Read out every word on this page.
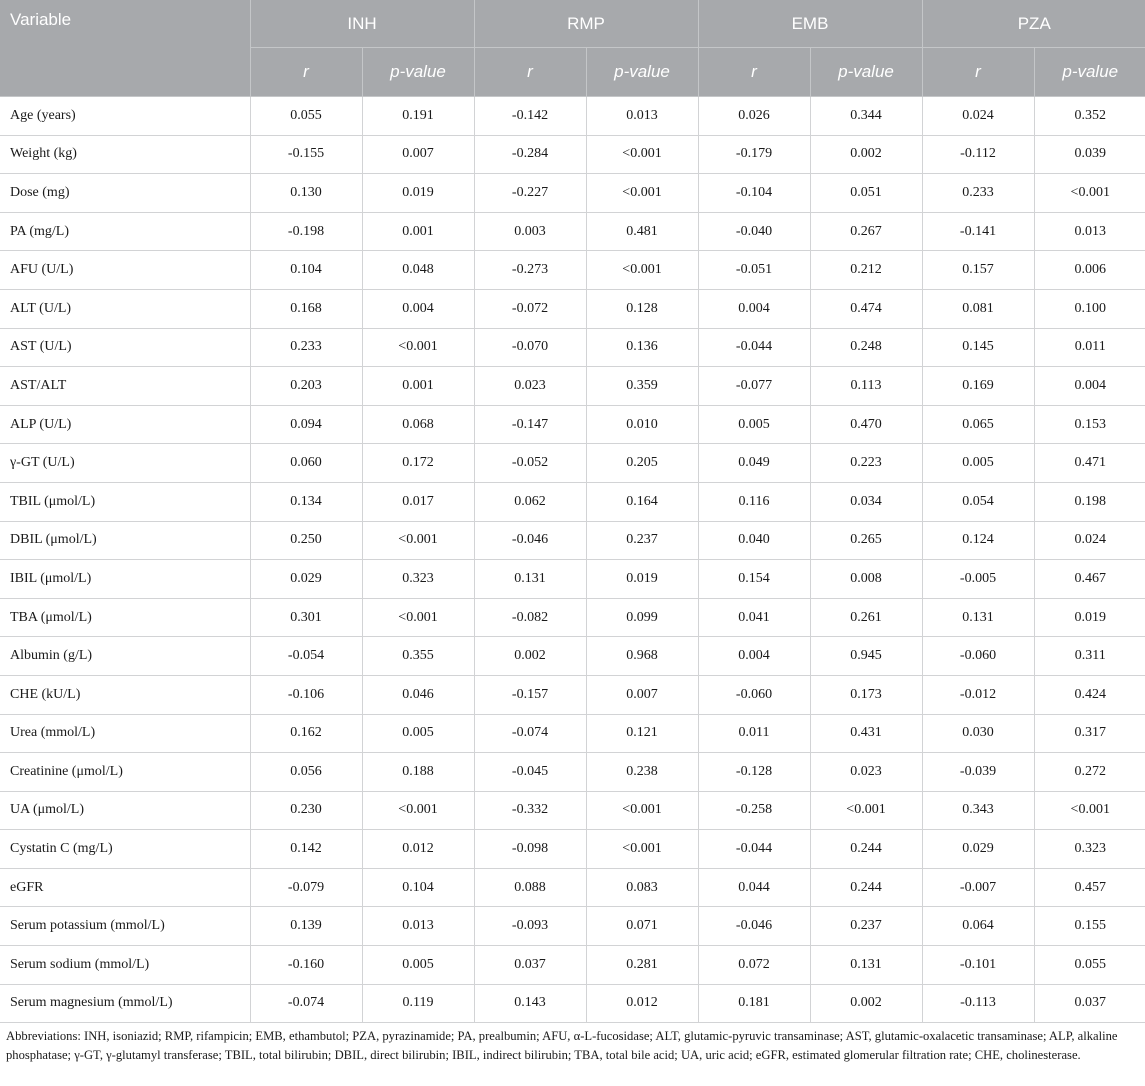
Variable	INH		RMP		EMB		PZA	
	r	p-value	r	p-value	r	p-value	r	p-value
Age (years)	0.055	0.191	-0.142	0.013	0.026	0.344	0.024	0.352
Weight (kg)	-0.155	0.007	-0.284	<0.001	-0.179	0.002	-0.112	0.039
Dose (mg)	0.130	0.019	-0.227	<0.001	-0.104	0.051	0.233	<0.001
PA (mg/L)	-0.198	0.001	0.003	0.481	-0.040	0.267	-0.141	0.013
AFU (U/L)	0.104	0.048	-0.273	<0.001	-0.051	0.212	0.157	0.006
ALT (U/L)	0.168	0.004	-0.072	0.128	0.004	0.474	0.081	0.100
AST (U/L)	0.233	<0.001	-0.070	0.136	-0.044	0.248	0.145	0.011
AST/ALT	0.203	0.001	0.023	0.359	-0.077	0.113	0.169	0.004
ALP (U/L)	0.094	0.068	-0.147	0.010	0.005	0.470	0.065	0.153
γ-GT (U/L)	0.060	0.172	-0.052	0.205	0.049	0.223	0.005	0.471
TBIL (μmol/L)	0.134	0.017	0.062	0.164	0.116	0.034	0.054	0.198
DBIL (μmol/L)	0.250	<0.001	-0.046	0.237	0.040	0.265	0.124	0.024
IBIL (μmol/L)	0.029	0.323	0.131	0.019	0.154	0.008	-0.005	0.467
TBA (μmol/L)	0.301	<0.001	-0.082	0.099	0.041	0.261	0.131	0.019
Albumin (g/L)	-0.054	0.355	0.002	0.968	0.004	0.945	-0.060	0.311
CHE (kU/L)	-0.106	0.046	-0.157	0.007	-0.060	0.173	-0.012	0.424
Urea (mmol/L)	0.162	0.005	-0.074	0.121	0.011	0.431	0.030	0.317
Creatinine (μmol/L)	0.056	0.188	-0.045	0.238	-0.128	0.023	-0.039	0.272
UA (μmol/L)	0.230	<0.001	-0.332	<0.001	-0.258	<0.001	0.343	<0.001
Cystatin C (mg/L)	0.142	0.012	-0.098	<0.001	-0.044	0.244	0.029	0.323
eGFR	-0.079	0.104	0.088	0.083	0.044	0.244	-0.007	0.457
Serum potassium (mmol/L)	0.139	0.013	-0.093	0.071	-0.046	0.237	0.064	0.155
Serum sodium (mmol/L)	-0.160	0.005	0.037	0.281	0.072	0.131	-0.101	0.055
Serum magnesium (mmol/L)	-0.074	0.119	0.143	0.012	0.181	0.002	-0.113	0.037
Abbreviations: INH, isoniazid; RMP, rifampicin; EMB, ethambutol; PZA, pyrazinamide; PA, prealbumin; AFU, α-L-fucosidase; ALT, glutamic-pyruvic transaminase; AST, glutamic-oxalacetic transaminase; ALP, alkaline phosphatase; γ-GT, γ-glutamyl transferase; TBIL, total bilirubin; DBIL, direct bilirubin; IBIL, indirect bilirubin; TBA, total bile acid; UA, uric acid; eGFR, estimated glomerular filtration rate; CHE, cholinesterase.
